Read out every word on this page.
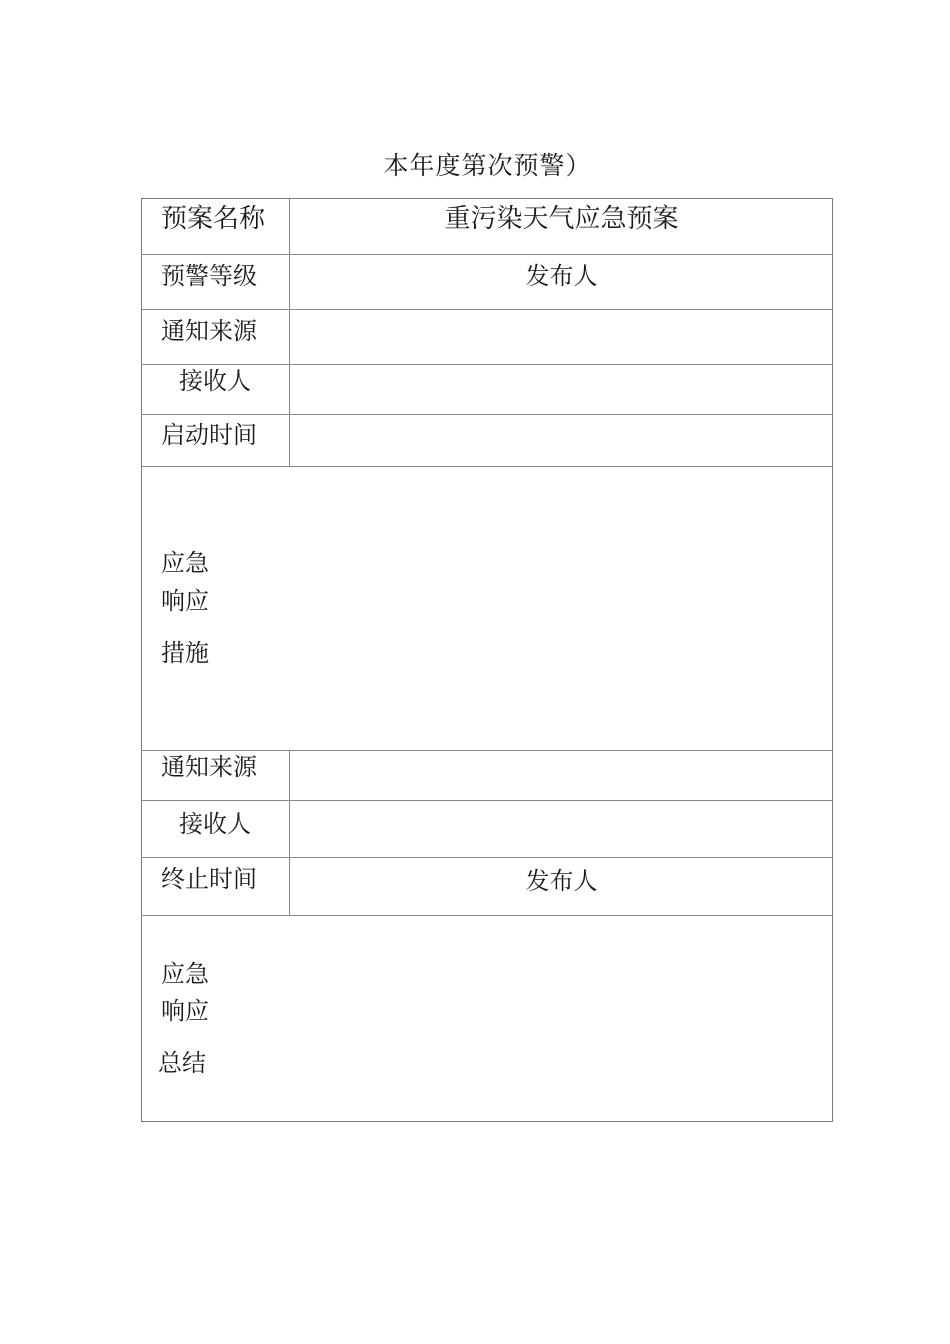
本年度第次预警）
预案名称	重污染天气应急预案
预警等级	发布人
通知来源
接收人
启动时间
应急
响应
措施
通知来源
接收人
终止时间	发布人
应急
响应
总结
